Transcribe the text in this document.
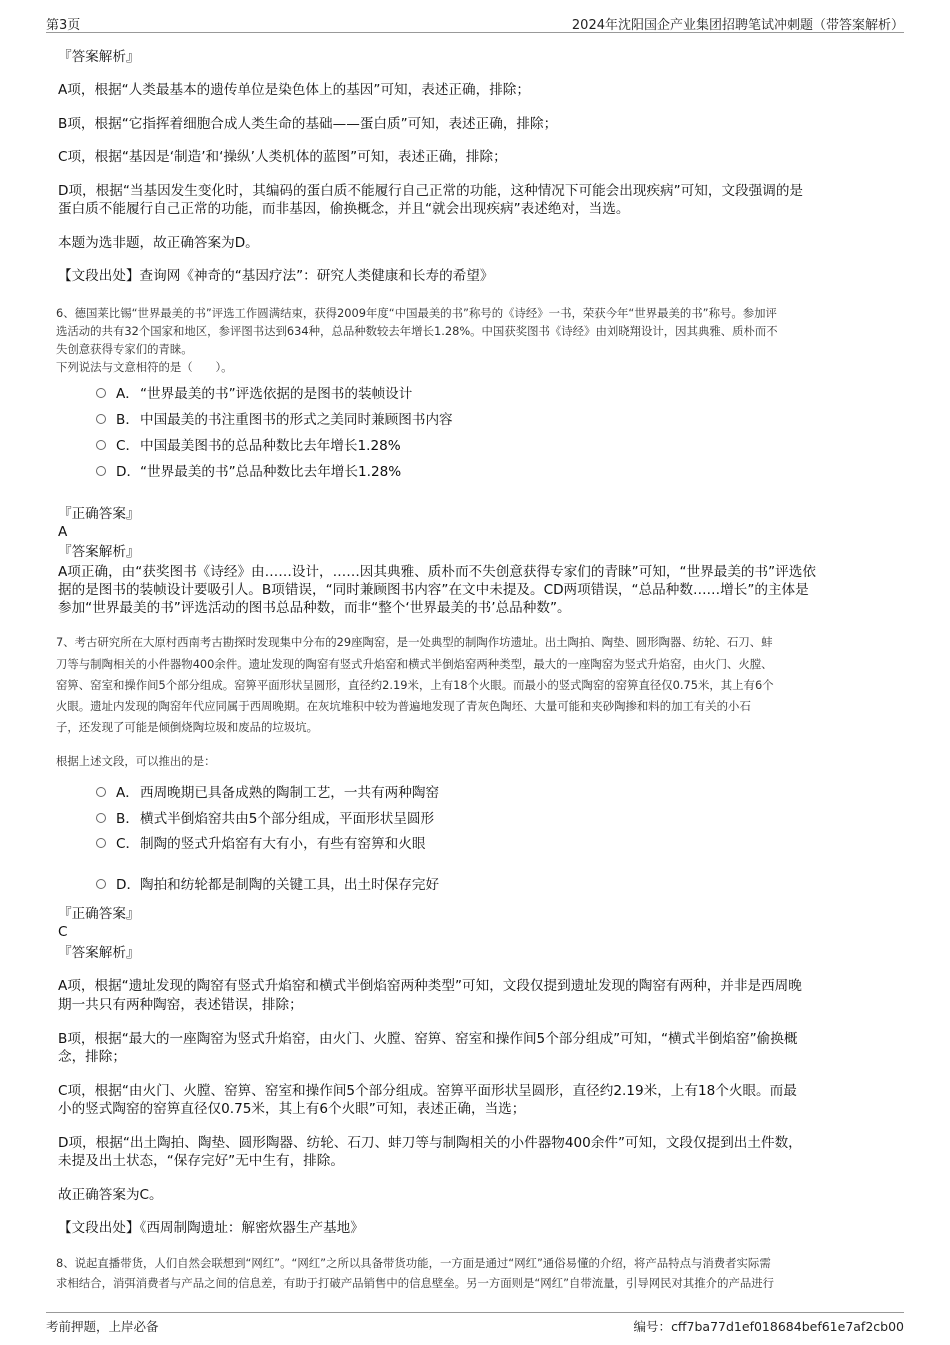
第3页	2024年沈阳国企产业集团招聘笔试冲刺题（带答案解析）
『答案解析』
A项，根据“人类最基本的遗传单位是染色体上的基因”可知，表述正确，排除；
B项，根据“它指挥着细胞合成人类生命的基础——蛋白质”可知，表述正确，排除；
C项，根据“基因是‘制造’和‘操纵’人类机体的蓝图”可知，表述正确，排除；
D项，根据“当基因发生变化时，其编码的蛋白质不能履行自己正常的功能，这种情况下可能会出现疾病”可知，文段强调的是
蛋白质不能履行自己正常的功能，而非基因，偷换概念，并且“就会出现疾病”表述绝对，当选。
本题为选非题，故正确答案为D。
【文段出处】查询网《神奇的“基因疗法”：研究人类健康和长寿的希望》
6、德国莱比锡“世界最美的书”评选工作圆满结束，获得2009年度“中国最美的书”称号的《诗经》一书，荣获今年“世界最美的书”称号。参加评
选活动的共有32个国家和地区，参评图书达到634种，总品种数较去年增长1.28%。中国获奖图书《诗经》由刘晓翔设计，因其典雅、质朴而不
失创意获得专家们的青睐。
下列说法与文意相符的是（　　）。
A．“世界最美的书”评选依据的是图书的装帧设计
B．中国最美的书注重图书的形式之美同时兼顾图书内容
C．中国最美图书的总品种数比去年增长1.28%
D．“世界最美的书”总品种数比去年增长1.28%
『正确答案』
A
『答案解析』
A项正确，由“获奖图书《诗经》由……设计，……因其典雅、质朴而不失创意获得专家们的青睐”可知，“世界最美的书”评选依
据的是图书的装帧设计要吸引人。B项错误，“同时兼顾图书内容”在文中未提及。CD两项错误，“总品种数……增长”的主体是
参加“世界最美的书”评选活动的图书总品种数，而非“整个‘世界最美的书’总品种数”。
7、考古研究所在大原村西南考古勘探时发现集中分布的29座陶窑，是一处典型的制陶作坊遗址。出土陶拍、陶垫、圆形陶器、纺轮、石刀、蚌
刀等与制陶相关的小件器物400余件。遗址发现的陶窑有竖式升焰窑和横式半倒焰窑两种类型，最大的一座陶窑为竖式升焰窑，由火门、火膛、
窑箅、窑室和操作间5个部分组成。窑箅平面形状呈圆形，直径约2.19米，上有18个火眼。而最小的竖式陶窑的窑箅直径仅0.75米，其上有6个
火眼。遗址内发现的陶窑年代应同属于西周晚期。在灰坑堆积中较为普遍地发现了青灰色陶坯、大量可能和夹砂陶掺和料的加工有关的小石
子，还发现了可能是倾倒烧陶垃圾和废品的垃圾坑。
根据上述文段，可以推出的是：
A．西周晚期已具备成熟的陶制工艺，一共有两种陶窑
B．横式半倒焰窑共由5个部分组成，平面形状呈圆形
C．制陶的竖式升焰窑有大有小，有些有窑箅和火眼
D．陶拍和纺轮都是制陶的关键工具，出土时保存完好
『正确答案』
C
『答案解析』
A项，根据“遗址发现的陶窑有竖式升焰窑和横式半倒焰窑两种类型”可知，文段仅提到遗址发现的陶窑有两种，并非是西周晚
期一共只有两种陶窑，表述错误，排除；
B项，根据“最大的一座陶窑为竖式升焰窑，由火门、火膛、窑箅、窑室和操作间5个部分组成”可知，“横式半倒焰窑”偷换概
念，排除；
C项，根据“由火门、火膛、窑箅、窑室和操作间5个部分组成。窑箅平面形状呈圆形，直径约2.19米，上有18个火眼。而最
小的竖式陶窑的窑箅直径仅0.75米，其上有6个火眼”可知，表述正确，当选；
D项，根据“出土陶拍、陶垫、圆形陶器、纺轮、石刀、蚌刀等与制陶相关的小件器物400余件”可知，文段仅提到出土件数，
未提及出土状态，“保存完好”无中生有，排除。
故正确答案为C。
【文段出处】《西周制陶遗址：解密炊器生产基地》
8、说起直播带货，人们自然会联想到“网红”。“网红”之所以具备带货功能，一方面是通过“网红”通俗易懂的介绍，将产品特点与消费者实际需
求相结合，消弭消费者与产品之间的信息差，有助于打破产品销售中的信息壁垒。另一方面则是“网红”自带流量，引导网民对其推介的产品进行
考前押题，上岸必备	编号：cff7ba77d1ef018684bef61e7af2cb00
